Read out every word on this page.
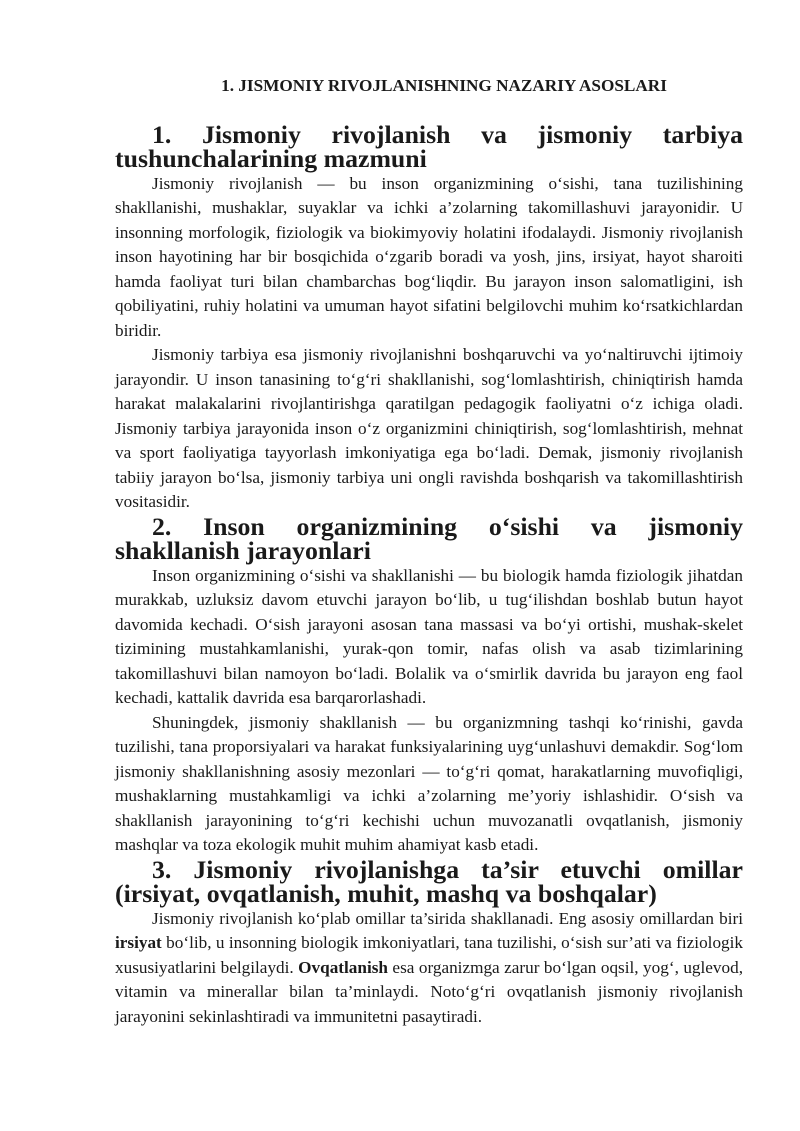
1. JISMONIY RIVOJLANISHNING NAZARIY ASOSLARI
1. Jismoniy rivojlanish va jismoniy tarbiya tushunchalarining mazmuni

Jismoniy rivojlanish — bu inson organizmining o‘sishi, tana tuzilishining shakllanishi, mushaklar, suyaklar va ichki a’zolarning takomillashuvi jarayonidir. U insonning morfologik, fiziologik va biokimyoviy holatini ifodalaydi. Jismoniy rivojlanish inson hayotining har bir bosqichida o‘zgarib boradi va yosh, jins, irsiyat, hayot sharoiti hamda faoliyat turi bilan chambarchas bog‘liqdir. Bu jarayon inson salomatligini, ish qobiliyatini, ruhiy holatini va umuman hayot sifatini belgilovchi muhim ko‘rsatkichlardan biridir.

Jismoniy tarbiya esa jismoniy rivojlanishni boshqaruvchi va yo‘naltiruvchi ijtimoiy jarayondir. U inson tanasining to‘g‘ri shakllanishi, sog‘lomlashtirish, chiniqtirish hamda harakat malakalarini rivojlantirishga qaratilgan pedagogik faoliyatni o‘z ichiga oladi. Jismoniy tarbiya jarayonida inson o‘z organizmini chiniqtirish, sog‘lomlashtirish, mehnat va sport faoliyatiga tayyorlash imkoniyatiga ega bo‘ladi. Demak, jismoniy rivojlanish tabiiy jarayon bo‘lsa, jismoniy tarbiya uni ongli ravishda boshqarish va takomillashtirish vositasidir.

2. Inson organizmining o‘sishi va jismoniy shakllanish jarayonlari

Inson organizmining o‘sishi va shakllanishi — bu biologik hamda fiziologik jihatdan murakkab, uzluksiz davom etuvchi jarayon bo‘lib, u tug‘ilishdan boshlab butun hayot davomida kechadi. O‘sish jarayoni asosan tana massasi va bo‘yi ortishi, mushak-skelet tizimining mustahkamlanishi, yurak-qon tomir, nafas olish va asab tizimlarining takomillashuvi bilan namoyon bo‘ladi. Bolalik va o‘smirlik davrida bu jarayon eng faol kechadi, kattalik davrida esa barqarorlashadi.

Shuningdek, jismoniy shakllanish — bu organizmning tashqi ko‘rinishi, gavda tuzilishi, tana proporsiyalari va harakat funksiyalarining uyg‘unlashuvi demakdir. Sog‘lom jismoniy shakllanishning asosiy mezonlari — to‘g‘ri qomat, harakatlarning muvofiqligi, mushaklarning mustahkamligi va ichki a’zolarning me’yoriy ishlashidir. O‘sish va shakllanish jarayonining to‘g‘ri kechishi uchun muvozanatli ovqatlanish, jismoniy mashqlar va toza ekologik muhit muhim ahamiyat kasb etadi.

3. Jismoniy rivojlanishga ta’sir etuvchi omillar (irsiyat, ovqatlanish, muhit, mashq va boshqalar)

Jismoniy rivojlanish ko‘plab omillar ta’sirida shakllanadi. Eng asosiy omillardan biri irsiyat bo‘lib, u insonning biologik imkoniyatlari, tana tuzilishi, o‘sish sur’ati va fiziologik xususiyatlarini belgilaydi. Ovqatlanish esa organizmga zarur bo‘lgan oqsil, yog‘, uglevod, vitamin va minerallar bilan ta’minlaydi. Noto‘g‘ri ovqatlanish jismoniy rivojlanish jarayonini sekinlashtiradi va immunitetni pasaytiradi.
